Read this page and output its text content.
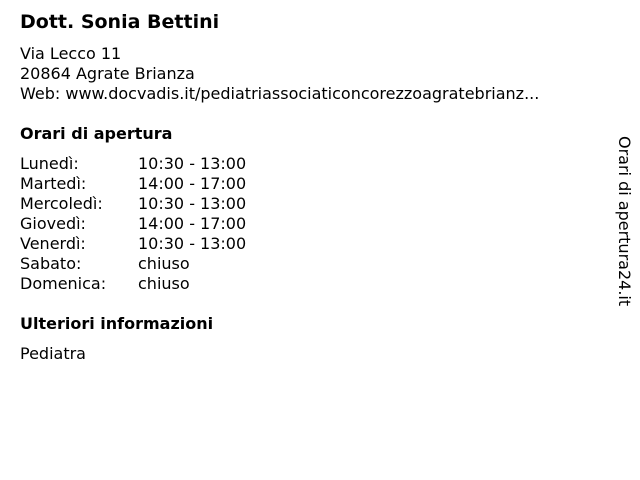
Dott. Sonia Bettini
Via Lecco 11
20864 Agrate Brianza
Web: www.docvadis.it/pediatriassociaticoncorezzoagratebrianz...
Orari di apertura
Lunedì:	10:30 - 13:00
Martedì:	14:00 - 17:00
Mercoledì: 10:30 - 13:00
Giovedì:	14:00 - 17:00
Venerdì:	10:30 - 13:00
Sabato:	chiuso
Domenica: chiuso
Ulteriori informazioni
Pediatra
Orari di apertura24.it
